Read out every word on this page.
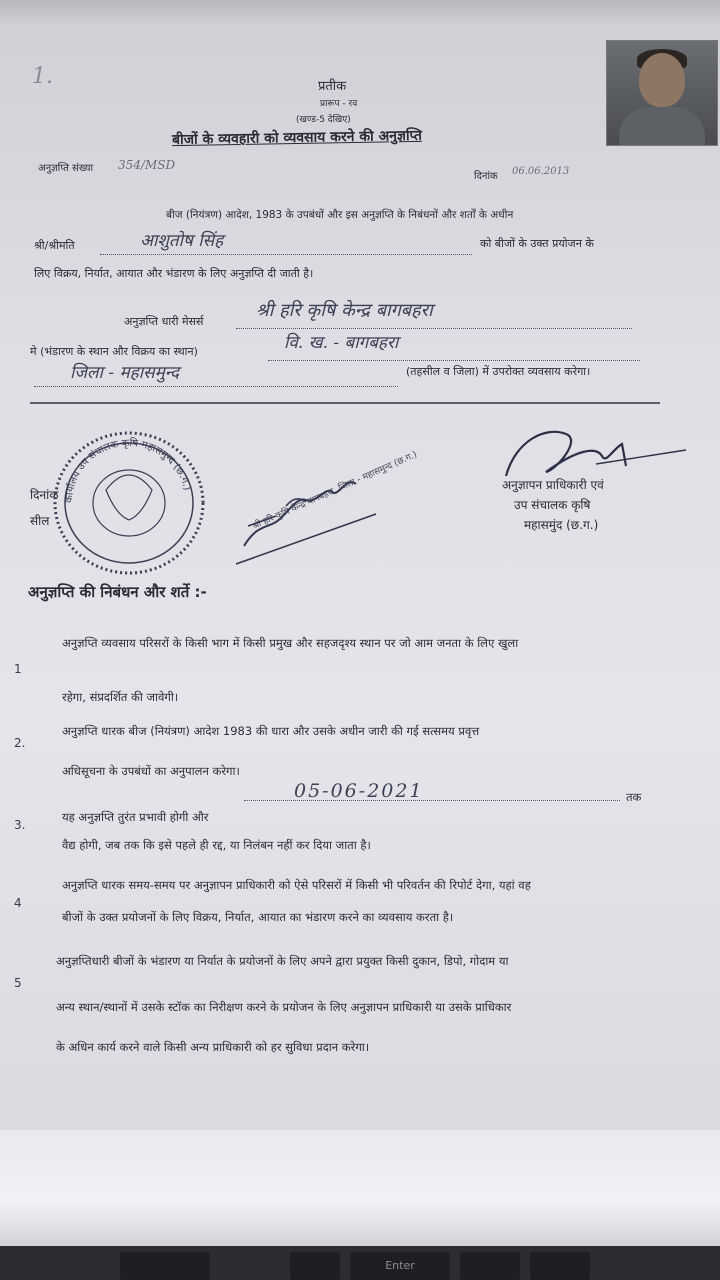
1.	प्रतीक
प्रारूप - रव
(खण्ड-5 देखिए)
बीजों के व्यवहारी को व्यवसाय करने की अनुज्ञप्ति
अनुज्ञप्ति संख्या 354/MSD
दिनांक 06.06.2013
बीज (नियंत्रण) आदेश, 1983 के उपबंधों और इस अनुज्ञप्ति के निबंधनों और शर्तों के अधीन
श्री/श्रीमति	आशुतोष सिंह	को बीजों के उक्त प्रयोजन के
लिए विक्रय, निर्यात, आयात और भंडारण के लिए अनुज्ञप्ति दी जाती है।
अनुज्ञप्ति धारी मेसर्स
श्री हरि कृषि केन्द्र बागबहरा
मे (भंडारण के स्थान और विक्रय का स्थान)	वि. ख. - बागबहरा
जिला - महासमुन्द	(तहसील व जिला) में उपरोक्त व्यवसाय करेगा।
दिनांक
सील
कार्यालय उप संचालक कृषि महासमुन्द (छ.ग.)	श्री हरि कृषि केन्द्र बागबहरा, जिला - महासमुन्द (छ.ग.)	अनुज्ञापन प्राधिकारी एवं
उप संचालक कृषि
महासमुंद (छ.ग.)
अनुज्ञप्ति की निबंधन और शर्ते :-
1
अनुज्ञप्ति व्यवसाय परिसरों के किसी भाग में किसी प्रमुख और सहजदृश्य स्थान पर जो आम जनता के लिए खुला
रहेगा, संप्रदर्शित की जावेगी।
2.
अनुज्ञप्ति धारक बीज (नियंत्रण) आदेश 1983 की धारा और उसके अधीन जारी की गई सत्समय प्रवृत्त
अधिसूचना के उपबंधों का अनुपालन करेगा।
3.
यह अनुज्ञप्ति तुरंत प्रभावी होगी और
05-06-2021	तक
वैद्य होगी, जब तक कि इसे पहले ही रद्द, या निलंबन नहीं कर दिया जाता है।
4
अनुज्ञप्ति धारक समय-समय पर अनुज्ञापन प्राधिकारी को ऐसे परिसरों में किसी भी परिवर्तन की रिपोर्ट देगा, यहां वह
बीजों के उक्त प्रयोजनों के लिए विक्रय, निर्यात, आयात का भंडारण करने का व्यवसाय करता है।
5
अनुज्ञप्तिधारी बीजों के भंडारण या निर्यात के प्रयोजनों के लिए अपने द्वारा प्रयुक्त किसी दुकान, डिपो, गोदाम या
अन्य स्थान/स्थानों में उसके स्टॉक का निरीक्षण करने के प्रयोजन के लिए अनुज्ञापन प्राधिकारी या उसके प्राधिकार
के अधिन कार्य करने वाले किसी अन्य प्राधिकारी को हर सुविधा प्रदान करेगा।
Enter
